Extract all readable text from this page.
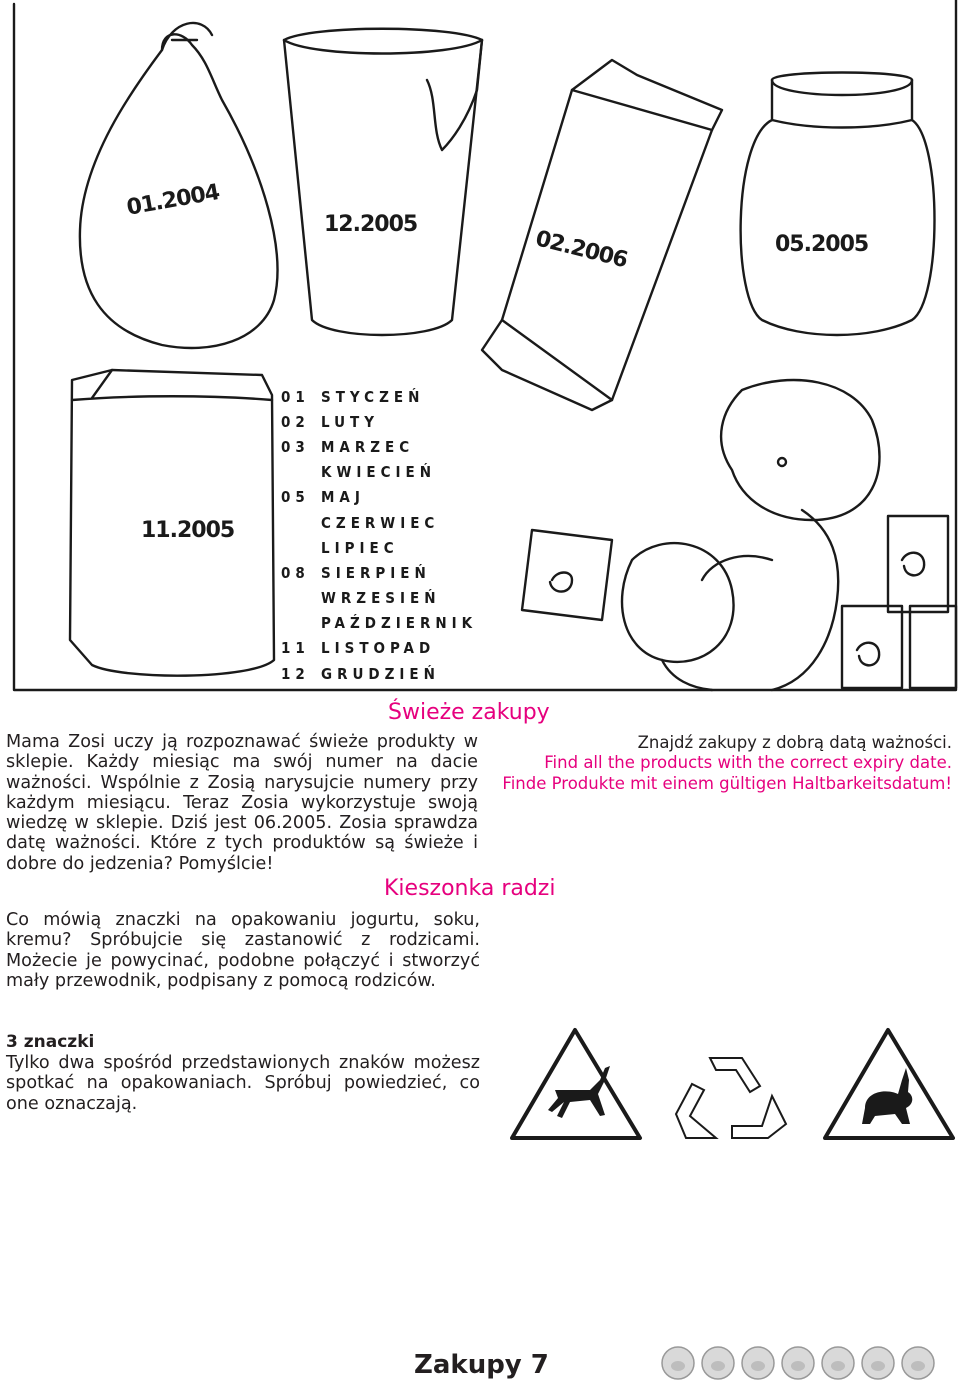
01.2004
12.2005
02.2006	05.2005
11.2005
01 STYCZEŃ
02 LUTY
03 MARZEC
KWIECIEŃ
05 MAJ
CZERWIEC
LIPIEC
08 SIERPIEŃ
WRZESIEŃ
PAŹDZIERNIK
11 LISTOPAD
12 GRUDZIEŃ
Świeże zakupy

Mama Zosi uczy ją rozpoznawać świeże produkty w sklepie. Każdy miesiąc ma swój numer na dacie ważności. Wspólnie z Zosią narysujcie numery przy każdym miesiącu. Teraz Zosia wykorzystuje swoją wiedzę w sklepie. Dziś jest 06.2005. Zosia sprawdza datę ważności. Które z tych produktów są świeże i dobre do jedzenia? Pomyślcie!

Znajdź zakupy z dobrą datą ważności.
Find all the products with the correct expiry date.
Finde Produkte mit einem gültigen Haltbarkeitsdatum!
Kieszonka radzi

Co mówią znaczki na opakowaniu jogurtu, soku, kremu? Spróbujcie się zastanowić z rodzicami. Możecie je powycinać, podobne połączyć i stworzyć mały przewodnik, podpisany z pomocą rodziców.

3 znaczki

Tylko dwa spośród przedstawionych znaków możesz spotkać na opakowaniach. Spróbuj powiedzieć, co one oznaczają.

Zakupy 7
